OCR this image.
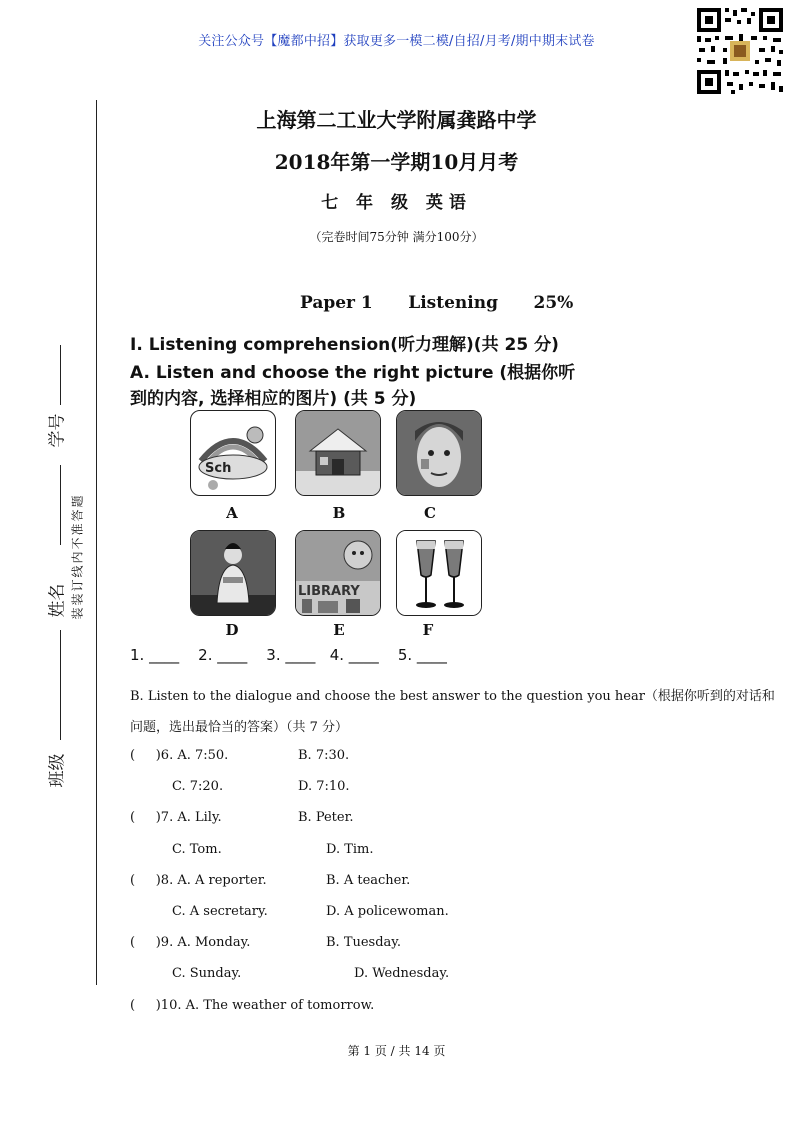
关注公众号【魔都中招】获取更多一模二模/自招/月考/期中期末试卷
上海第二工业大学附属龚路中学
2018年第一学期10月月考
七 年 级 英语
（完卷时间75分钟 满分100分）
Paper 1      Listening      25%
I. Listening comprehension(听力理解)(共 25 分)
A. Listen and choose the right picture (根据你听
到的内容, 选择相应的图片) (共 5 分)
学号
姓名
班级
装装订线内不准答题
Sch
A	B	C
LIBRARY
D	E	F
1. ____    2. ____    3. ____   4. ____    5. ____
B. Listen to the dialogue and choose the best answer to the question you hear（根据你听到的对话和
问题，选出最恰当的答案）（共 7 分）
(     )6. A. 7:50.	B. 7:30.
C. 7:20.	D. 7:10.
(     )7. A. Lily.	B. Peter.
C. Tom.	D. Tim.
(     )8. A. A reporter.	B. A teacher.
C. A secretary.	D. A policewoman.
(     )9. A. Monday.	B. Tuesday.
C. Sunday.	D. Wednesday.
(     )10. A. The weather of tomorrow.
第 1 页 / 共 14 页
